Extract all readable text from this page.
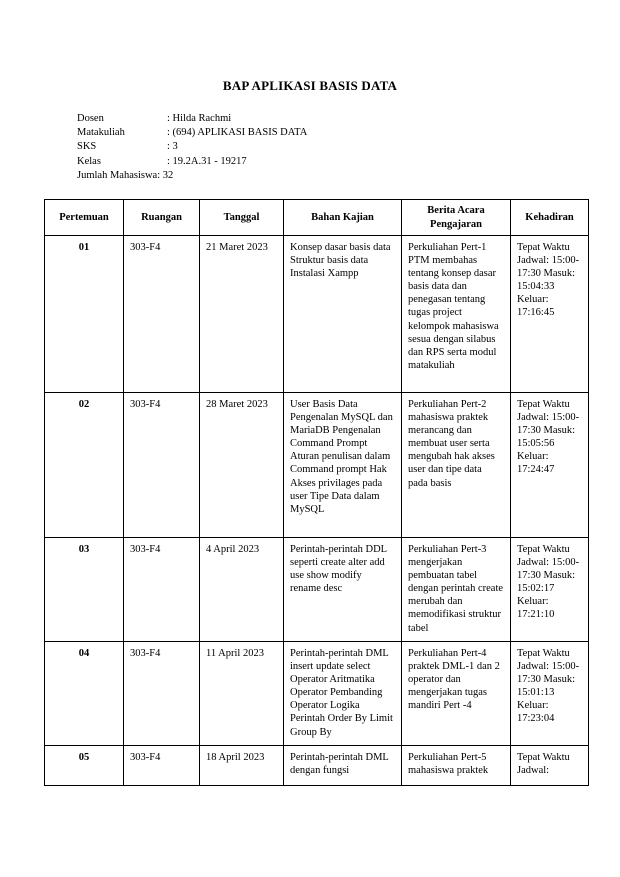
BAP APLIKASI BASIS DATA
Dosen	: Hilda Rachmi
Matakuliah	: (694) APLIKASI BASIS DATA
SKS	: 3
Kelas	: 19.2A.31 - 19217
Jumlah Mahasiswa : 32
Pertemuan	Ruangan	Tanggal	Bahan Kajian	Berita Acara Pengajaran	Kehadiran
01	303-F4	21 Maret 2023	Konsep dasar basis data Struktur basis data Instalasi Xampp	Perkuliahan Pert-1 PTM membahas tentang konsep dasar basis data dan penegasan tentang tugas project kelompok mahasiswa sesua dengan silabus dan RPS serta modul matakuliah	Tepat Waktu Jadwal: 15:00-17:30 Masuk: 15:04:33 Keluar: 17:16:45
02	303-F4	28 Maret 2023	User Basis Data Pengenalan MySQL dan MariaDB Pengenalan Command Prompt Aturan penulisan dalam Command prompt Hak Akses privilages pada user Tipe Data dalam MySQL	Perkuliahan Pert-2 mahasiswa praktek merancang dan membuat user serta mengubah hak akses user dan tipe data pada basis	Tepat Waktu Jadwal: 15:00-17:30 Masuk: 15:05:56 Keluar: 17:24:47
03	303-F4	4 April 2023	Perintah-perintah DDL seperti create alter add use show modify rename desc	Perkuliahan Pert-3 mengerjakan pembuatan tabel dengan perintah create merubah dan memodifikasi struktur tabel	Tepat Waktu Jadwal: 15:00-17:30 Masuk: 15:02:17 Keluar: 17:21:10
04	303-F4	11 April 2023	Perintah-perintah DML insert update select Operator Aritmatika Operator Pembanding Operator Logika Perintah Order By Limit Group By	Perkuliahan Pert-4 praktek DML-1 dan 2 operator dan mengerjakan tugas mandiri Pert -4	Tepat Waktu Jadwal: 15:00-17:30 Masuk: 15:01:13 Keluar: 17:23:04
05	303-F4	18 April 2023	Perintah-perintah DML dengan fungsi	Perkuliahan Pert-5 mahasiswa praktek	Tepat Waktu Jadwal:
